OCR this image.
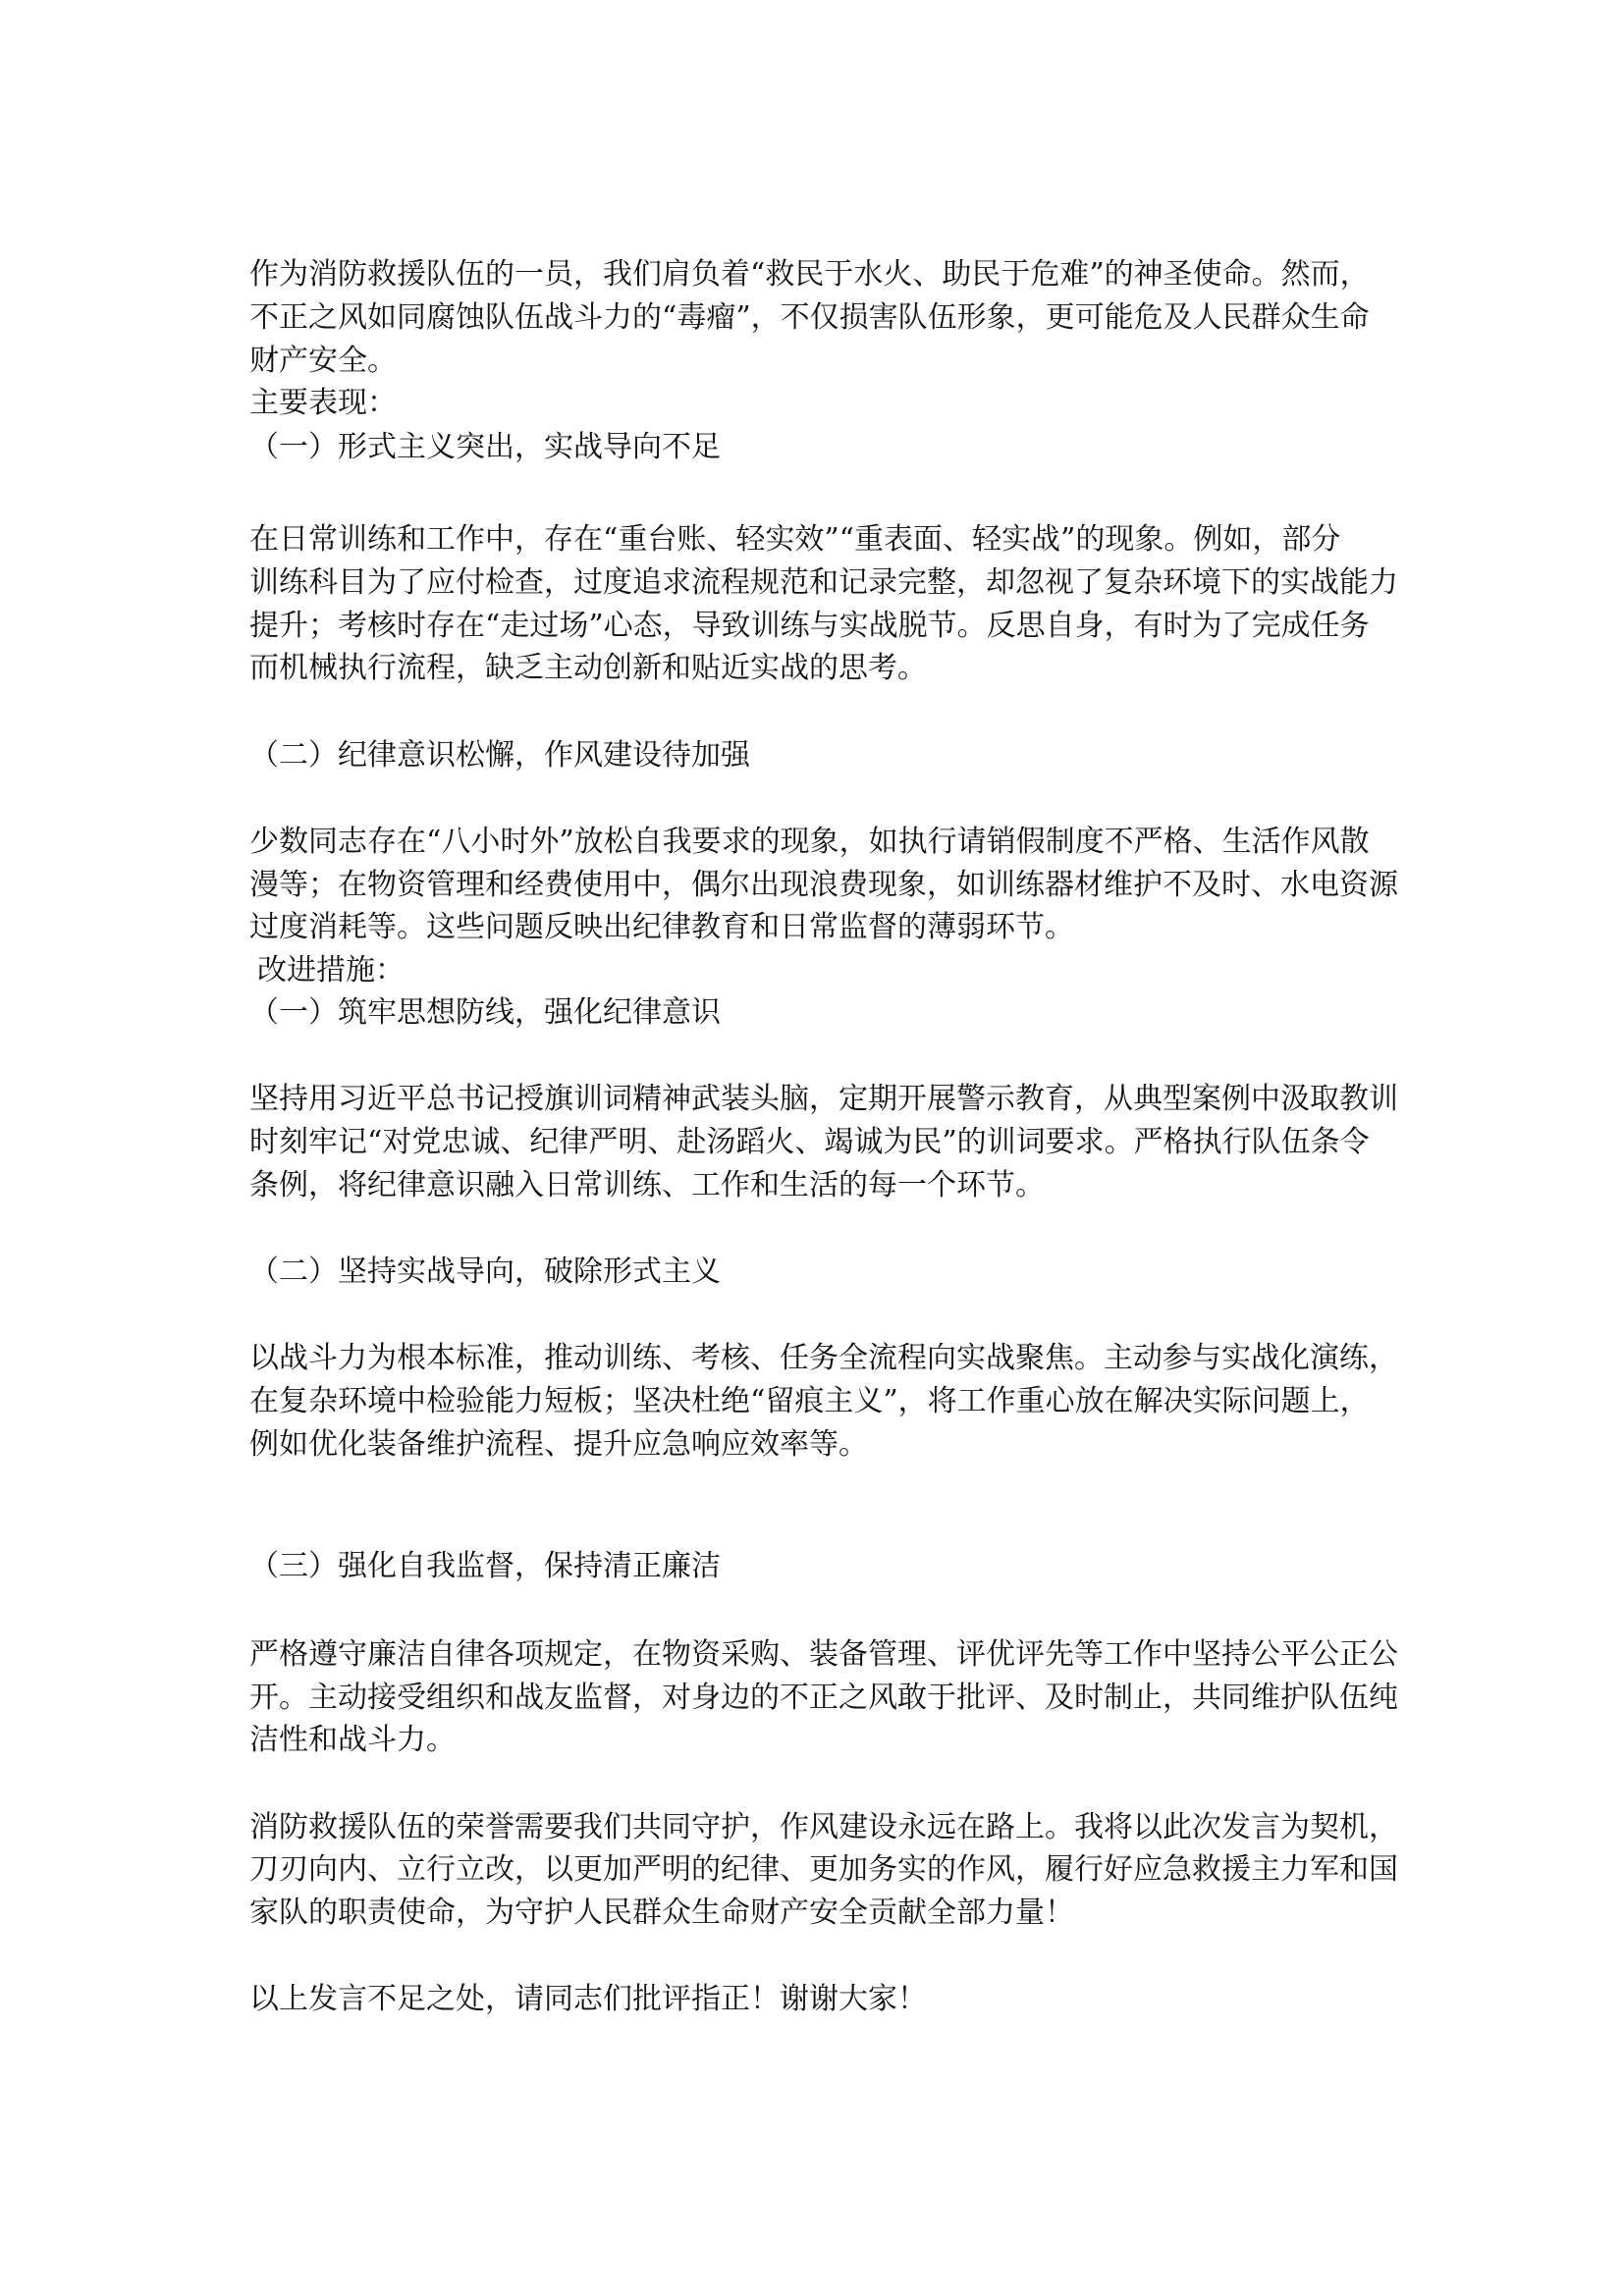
作为消防救援队伍的一员，我们肩负着“救民于水火、助民于危难”的神圣使命。然而，
不正之风如同腐蚀队伍战斗力的“毒瘤”，不仅损害队伍形象，更可能危及人民群众生命
财产安全。
主要表现：
（一）形式主义突出，实战导向不足
在日常训练和工作中，存在“重台账、轻实效”“重表面、轻实战”的现象。例如，部分
训练科目为了应付检查，过度追求流程规范和记录完整，却忽视了复杂环境下的实战能力
提升；考核时存在“走过场”心态，导致训练与实战脱节。反思自身，有时为了完成任务
而机械执行流程，缺乏主动创新和贴近实战的思考。
（二）纪律意识松懈，作风建设待加强
少数同志存在“八小时外”放松自我要求的现象，如执行请销假制度不严格、生活作风散
漫等；在物资管理和经费使用中，偶尔出现浪费现象，如训练器材维护不及时、水电资源
过度消耗等。这些问题反映出纪律教育和日常监督的薄弱环节。
改进措施：
（一）筑牢思想防线，强化纪律意识
坚持用习近平总书记授旗训词精神武装头脑，定期开展警示教育，从典型案例中汲取教训
时刻牢记“对党忠诚、纪律严明、赴汤蹈火、竭诚为民”的训词要求。严格执行队伍条令
条例，将纪律意识融入日常训练、工作和生活的每一个环节。
（二）坚持实战导向，破除形式主义
以战斗力为根本标准，推动训练、考核、任务全流程向实战聚焦。主动参与实战化演练，
在复杂环境中检验能力短板；坚决杜绝“留痕主义”，将工作重心放在解决实际问题上，
例如优化装备维护流程、提升应急响应效率等。
（三）强化自我监督，保持清正廉洁
严格遵守廉洁自律各项规定，在物资采购、装备管理、评优评先等工作中坚持公平公正公
开。主动接受组织和战友监督，对身边的不正之风敢于批评、及时制止，共同维护队伍纯
洁性和战斗力。
消防救援队伍的荣誉需要我们共同守护，作风建设永远在路上。我将以此次发言为契机，
刀刃向内、立行立改，以更加严明的纪律、更加务实的作风，履行好应急救援主力军和国
家队的职责使命，为守护人民群众生命财产安全贡献全部力量！
以上发言不足之处，请同志们批评指正！谢谢大家！
